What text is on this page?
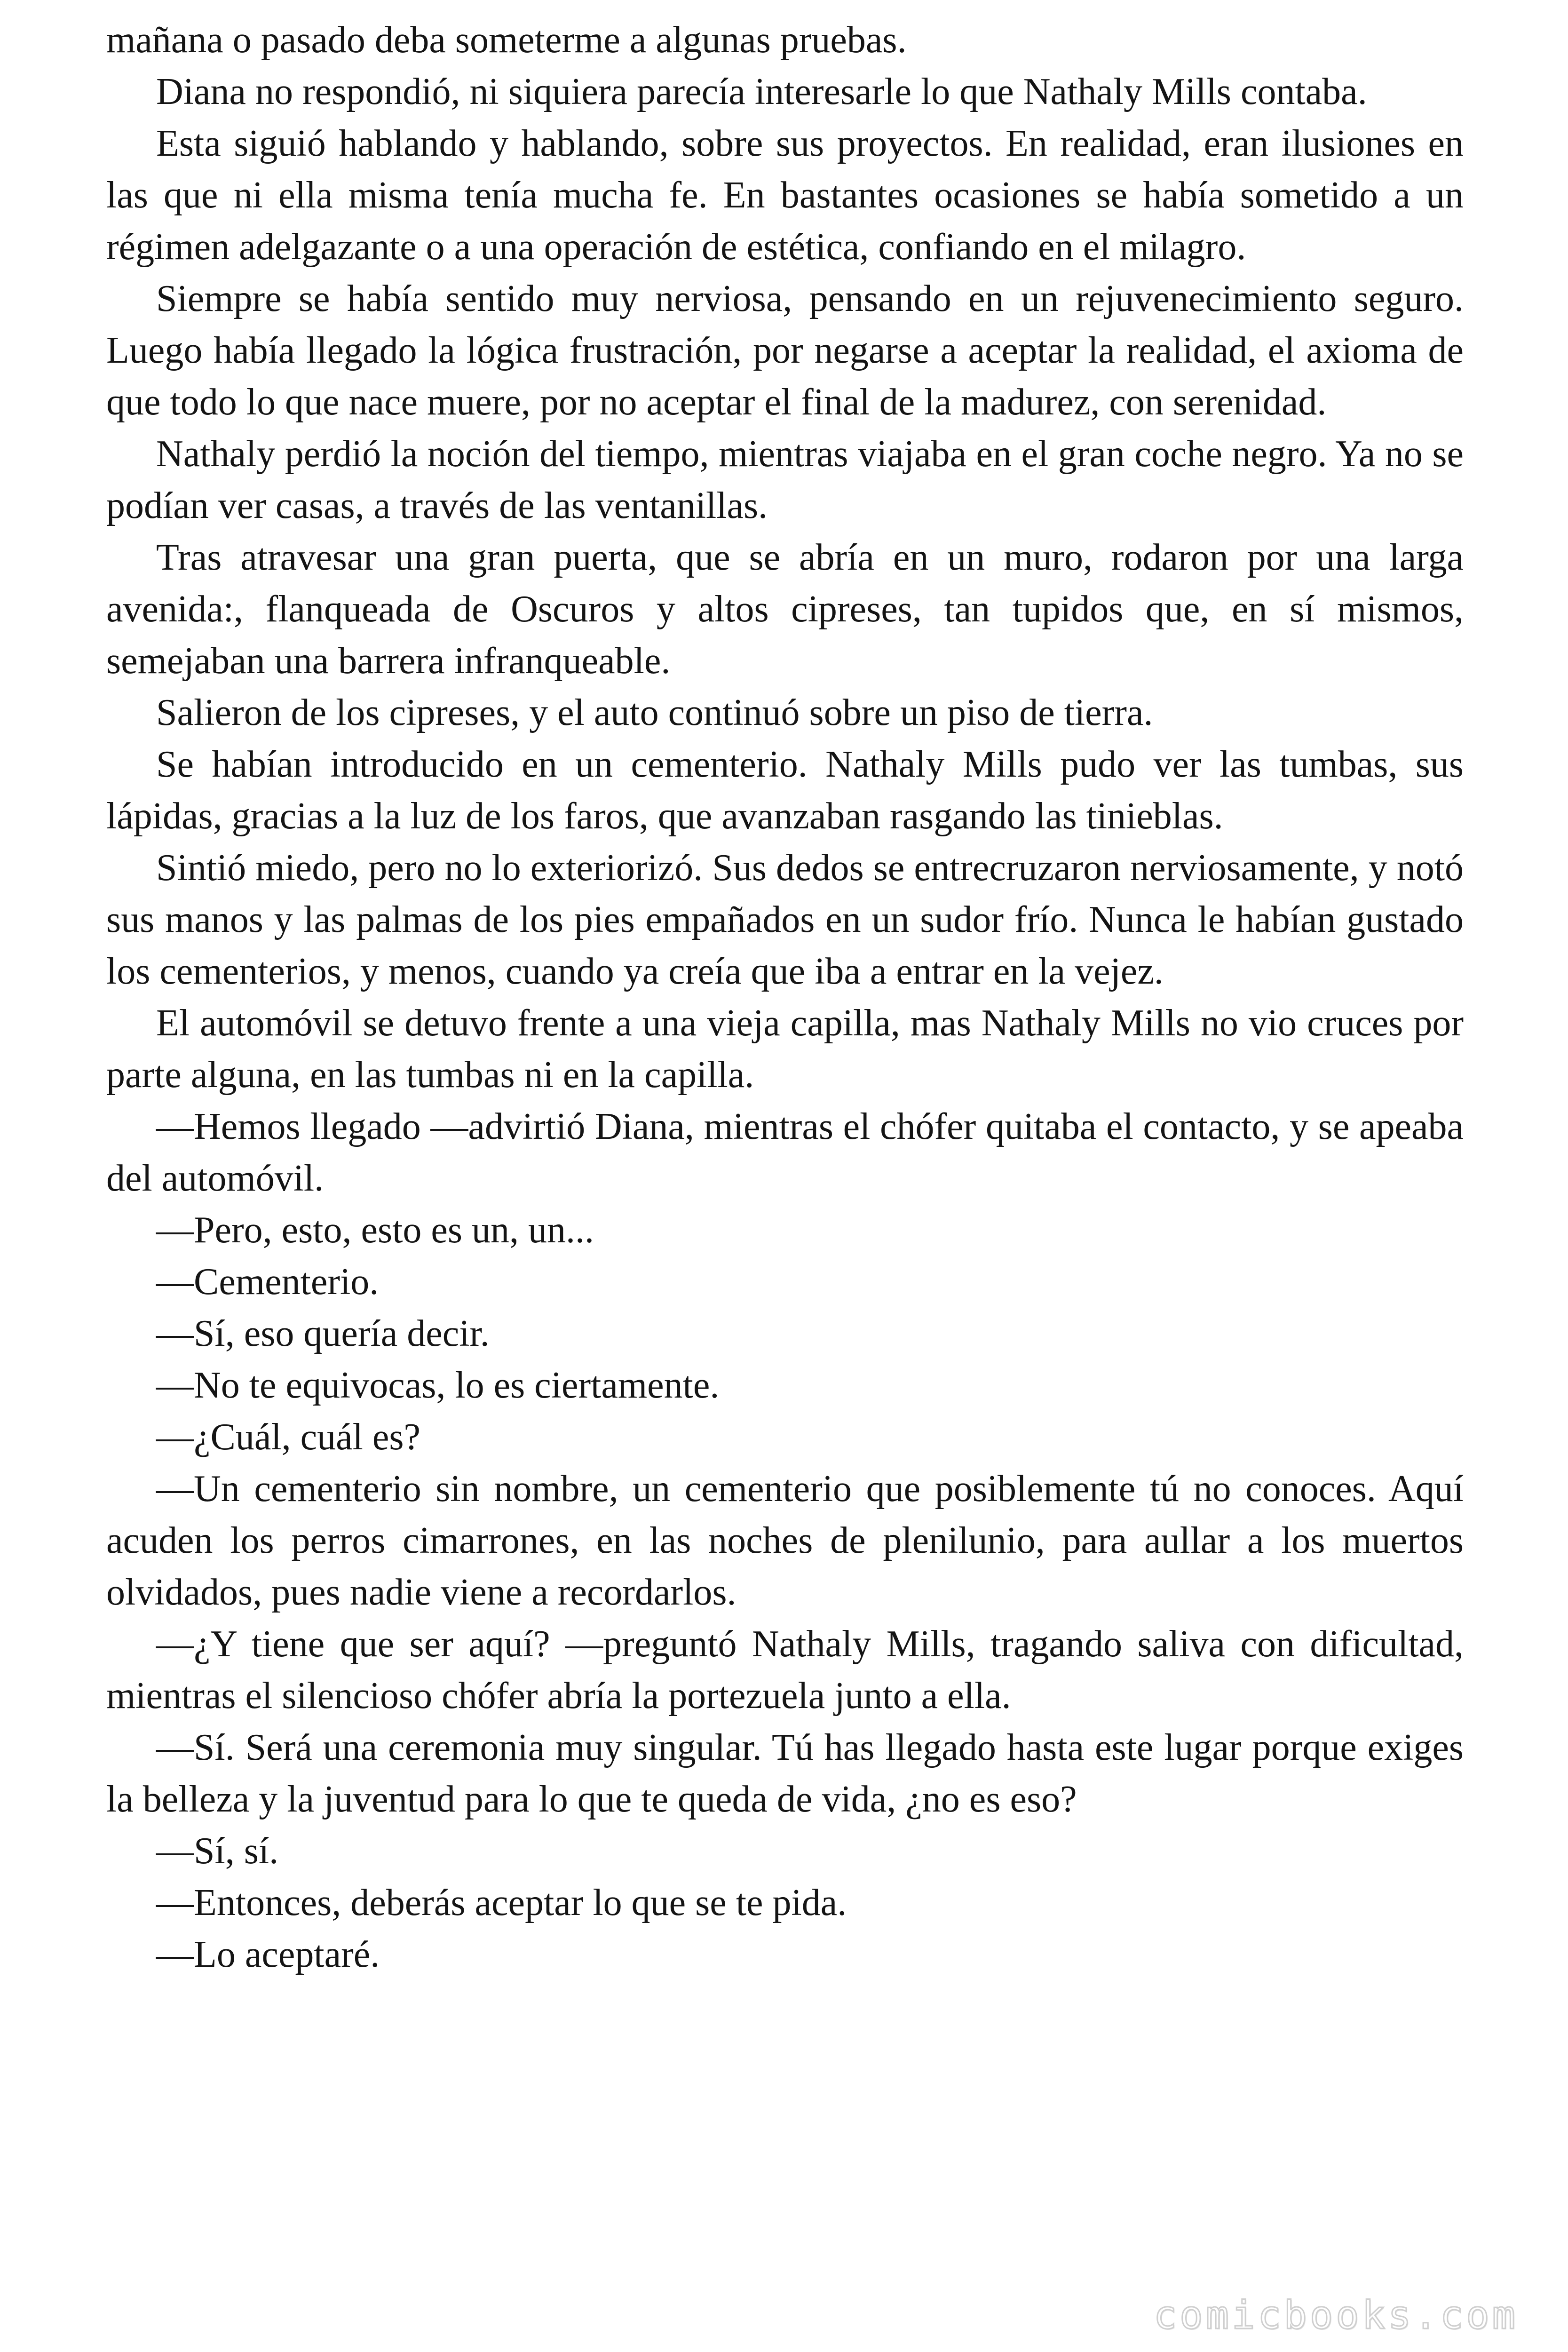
mañana o pasado deba someterme a algunas pruebas.

Diana no respondió, ni siquiera parecía interesarle lo que Nathaly Mills contaba.

Esta siguió hablando y hablando, sobre sus proyectos. En realidad, eran ilusiones en las que ni ella misma tenía mucha fe. En bastantes ocasiones se había sometido a un régimen adelgazante o a una operación de estética, confiando en el milagro.

Siempre se había sentido muy nerviosa, pensando en un rejuvenecimiento seguro. Luego había llegado la lógica frustración, por negarse a aceptar la realidad, el axioma de que todo lo que nace muere, por no aceptar el final de la madurez, con serenidad.

Nathaly perdió la noción del tiempo, mientras viajaba en el gran coche negro. Ya no se podían ver casas, a través de las ventanillas.

Tras atravesar una gran puerta, que se abría en un muro, rodaron por una larga avenida:, flanqueada de Oscuros y altos cipreses, tan tupidos que, en sí mismos, semejaban una barrera infranqueable.

Salieron de los cipreses, y el auto continuó sobre un piso de tierra.

Se habían introducido en un cementerio. Nathaly Mills pudo ver las tumbas, sus lápidas, gracias a la luz de los faros, que avanzaban rasgando las tinieblas.

Sintió miedo, pero no lo exteriorizó. Sus dedos se entrecruzaron nerviosamente, y notó sus manos y las palmas de los pies empañados en un sudor frío. Nunca le habían gustado los cementerios, y menos, cuando ya creía que iba a entrar en la vejez.

El automóvil se detuvo frente a una vieja capilla, mas Nathaly Mills no vio cruces por parte alguna, en las tumbas ni en la capilla.

—Hemos llegado —advirtió Diana, mientras el chófer quitaba el contacto, y se apeaba del automóvil.

—Pero, esto, esto es un, un...

—Cementerio.

—Sí, eso quería decir.

—No te equivocas, lo es ciertamente.

—¿Cuál, cuál es?

—Un cementerio sin nombre, un cementerio que posiblemente tú no conoces. Aquí acuden los perros cimarrones, en las noches de plenilunio, para aullar a los muertos olvidados, pues nadie viene a recordarlos.

—¿Y tiene que ser aquí? —preguntó Nathaly Mills, tragando saliva con dificultad, mientras el silencioso chófer abría la portezuela junto a ella.

—Sí. Será una ceremonia muy singular. Tú has llegado hasta este lugar porque exiges la belleza y la juventud para lo que te queda de vida, ¿no es eso?

—Sí, sí.

—Entonces, deberás aceptar lo que se te pida.

—Lo aceptaré.

comicbooks.com
